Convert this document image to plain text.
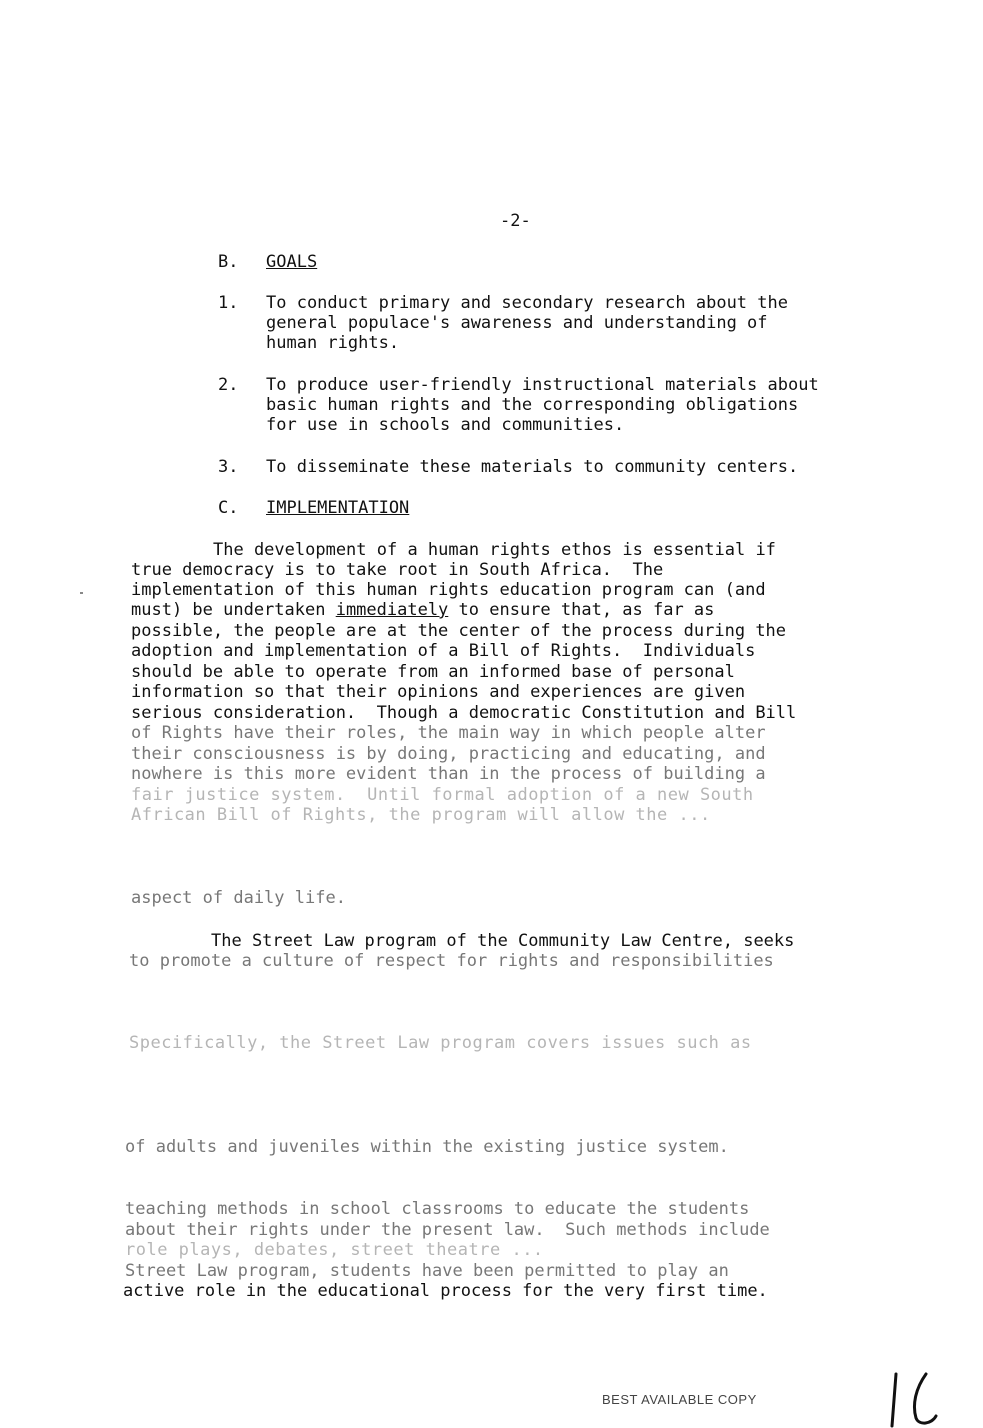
-2-
B. GOALS
1. To conduct primary and secondary research about the
general populace's awareness and understanding of
human rights.
2. To produce user-friendly instructional materials about
basic human rights and the corresponding obligations
for use in schools and communities.
3. To disseminate these materials to community centers.
C. IMPLEMENTATION
The development of a human rights ethos is essential if
true democracy is to take root in South Africa.  The
implementation of this human rights education program can (and
must) be undertaken immediately to ensure that, as far as
possible, the people are at the center of the process during the
adoption and implementation of a Bill of Rights.  Individuals
should be able to operate from an informed base of personal
information so that their opinions and experiences are given
serious consideration.  Though a democratic Constitution and Bill
of Rights have their roles, the main way in which people alter
their consciousness is by doing, practicing and educating, and
nowhere is this more evident than in the process of building a
fair justice system.  Until formal adoption of a new South
African Bill of Rights, the program will allow the ...
aspect of daily life.
The Street Law program of the Community Law Centre, seeks
to promote a culture of respect for rights and responsibilities
Specifically, the Street Law program covers issues such as
of adults and juveniles within the existing justice system.
teaching methods in school classrooms to educate the students
about their rights under the present law.  Such methods include
role plays, debates, street theatre ...
Street Law program, students have been permitted to play an
active role in the educational process for the very first time.
BEST AVAILABLE COPY
